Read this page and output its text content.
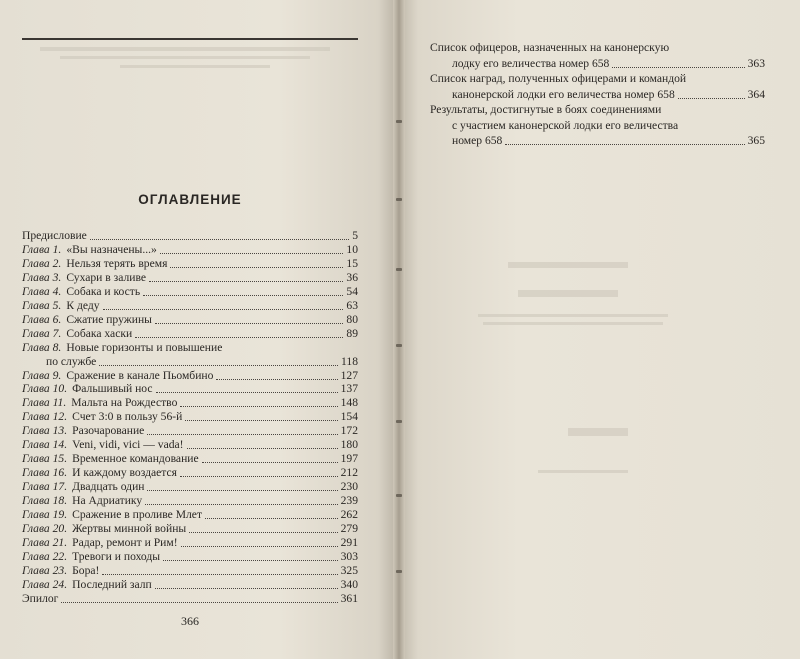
ОГЛАВЛЕНИЕ
Предисловие	5
Глава 1. «Вы назначены...»	10
Глава 2. Нельзя терять время	15
Глава 3. Сухари в заливе	36
Глава 4. Собака и кость	54
Глава 5. К деду	63
Глава 6. Сжатие пружины	80
Глава 7. Собака хаски	89
Глава 8. Новые горизонты и повышение
по службе	118
Глава 9. Сражение в канале Пьомбино	127
Глава 10. Фальшивый нос	137
Глава 11. Мальта на Рождество	148
Глава 12. Счет 3:0 в пользу 56-й	154
Глава 13. Разочарование	172
Глава 14. Veni, vidi, vici — vada!	180
Глава 15. Временное командование	197
Глава 16. И каждому воздается	212
Глава 17. Двадцать один	230
Глава 18. На Адриатику	239
Глава 19. Сражение в проливе Млет	262
Глава 20. Жертвы минной войны	279
Глава 21. Радар, ремонт и Рим!	291
Глава 22. Тревоги и походы	303
Глава 23. Бора!	325
Глава 24. Последний залп	340
Эпилог	361
366
Список офицеров, назначенных на канонерскую
лодку его величества номер 658	363
Список наград, полученных офицерами и командой
канонерской лодки его величества номер 658	364
Результаты, достигнутые в боях соединениями
с участием канонерской лодки его величества
номер 658	365
